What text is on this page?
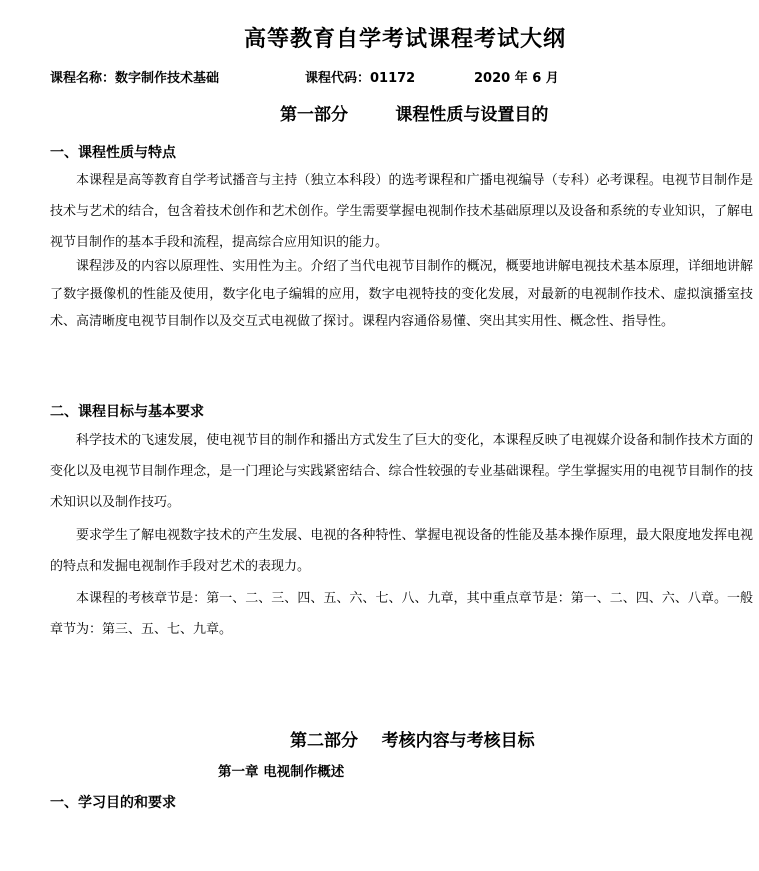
高等教育自学考试课程考试大纲
课程名称：数字制作技术基础	课程代码：01172	2020 年 6 月
第一部分        课程性质与设置目的
一、课程性质与特点

本课程是高等教育自学考试播音与主持（独立本科段）的选考课程和广播电视编导（专科）必考课程。电视节目制作是技术与艺术的结合，包含着技术创作和艺术创作。学生需要掌握电视制作技术基础原理以及设备和系统的专业知识，了解电视节目制作的基本手段和流程，提高综合应用知识的能力。

课程涉及的内容以原理性、实用性为主。介绍了当代电视节目制作的概况，概要地讲解电视技术基本原理，详细地讲解了数字摄像机的性能及使用，数字化电子编辑的应用，数字电视特技的变化发展，对最新的电视制作技术、虚拟演播室技术、高清晰度电视节目制作以及交互式电视做了探讨。课程内容通俗易懂、突出其实用性、概念性、指导性。

二、课程目标与基本要求

科学技术的飞速发展，使电视节目的制作和播出方式发生了巨大的变化，本课程反映了电视媒介设备和制作技术方面的变化以及电视节目制作理念，是一门理论与实践紧密结合、综合性较强的专业基础课程。学生掌握实用的电视节目制作的技术知识以及制作技巧。

要求学生了解电视数字技术的产生发展、电视的各种特性、掌握电视设备的性能及基本操作原理，最大限度地发挥电视的特点和发掘电视制作手段对艺术的表现力。

本课程的考核章节是：第一、二、三、四、五、六、七、八、九章，其中重点章节是：第一、二、四、六、八章。一般章节为：第三、五、七、九章。

第二部分    考核内容与考核目标
第一章 电视制作概述
一、学习目的和要求
